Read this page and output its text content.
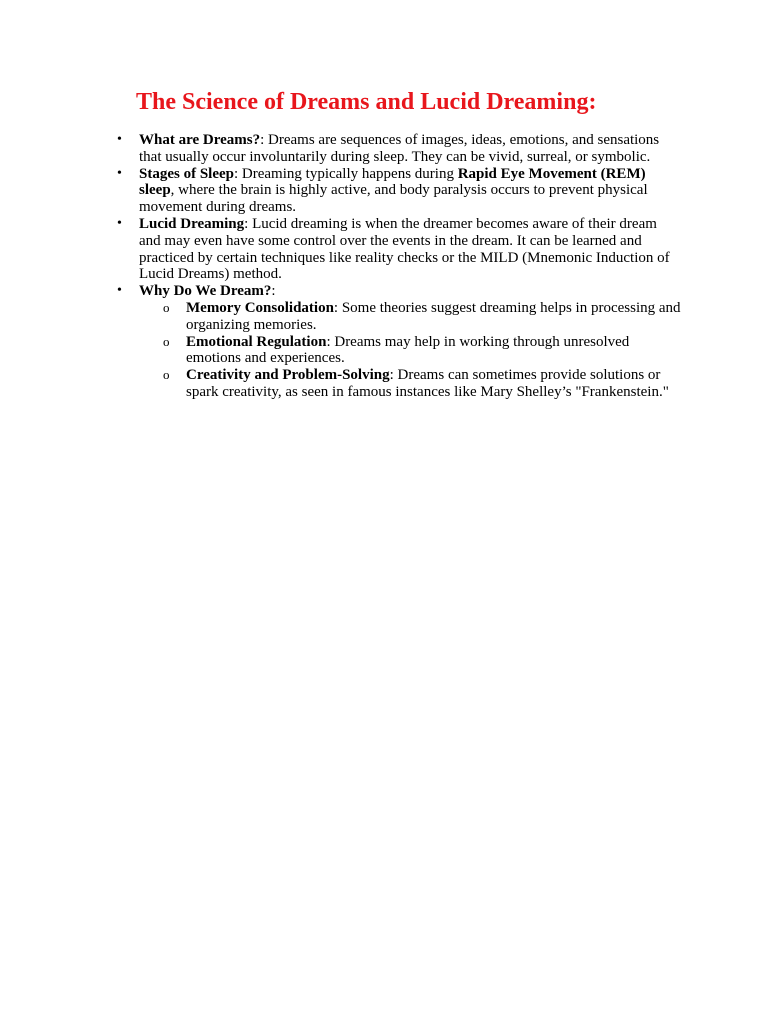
The Science of Dreams and Lucid Dreaming:
• What are Dreams?: Dreams are sequences of images, ideas, emotions, and sensations that usually occur involuntarily during sleep. They can be vivid, surreal, or symbolic.
• Stages of Sleep: Dreaming typically happens during Rapid Eye Movement (REM) sleep, where the brain is highly active, and body paralysis occurs to prevent physical movement during dreams.
• Lucid Dreaming: Lucid dreaming is when the dreamer becomes aware of their dream and may even have some control over the events in the dream. It can be learned and practiced by certain techniques like reality checks or the MILD (Mnemonic Induction of Lucid Dreams) method.
• Why Do We Dream?:
o Memory Consolidation: Some theories suggest dreaming helps in processing and organizing memories.
o Emotional Regulation: Dreams may help in working through unresolved emotions and experiences.
o Creativity and Problem-Solving: Dreams can sometimes provide solutions or spark creativity, as seen in famous instances like Mary Shelley’s "Frankenstein."
